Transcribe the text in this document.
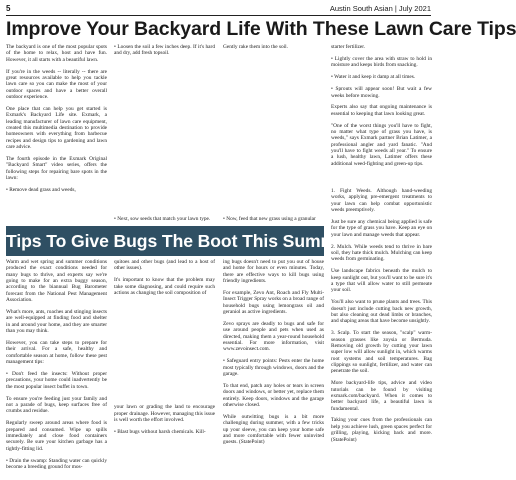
5	Austin South Asian | July 2021
Improve Your Backyard Life With These Lawn Care Tips

The backyard is one of the most popular spots of the home to relax, host and have fun. However, it all starts with a beautiful lawn.

If you're in the weeds -- literally -- there are great resources available to help you tackle lawn care so you can make the most of your outdoor spaces and have a better overall outdoor experience.

One place that can help you get started is Exmark's Backyard Life site. Exmark, a leading manufacturer of lawn care equipment, created this multimedia destination to provide homeowners with everything from barbecue recipes and design tips to gardening and lawn care advice.

The fourth episode in the Exmark Original "Backyard Smart" video series, offers the following steps for repairing bare spots in the lawn:

• Remove dead grass and weeds,

• Loosen the soil a few inches deep. If it's hard and dry, add fresh topsoil.

Gently rake them into the soil.

• Next, sow seeds that match your lawn type.	• Now, feed that new grass using a granular

starter fertilizer.

• Lightly cover the area with straw to hold in moisture and keeps birds from snacking.

• Water it and keep it damp at all times.

• Sprouts will appear soon! But wait a few weeks before mowing.

Experts also say that ongoing maintenance is essential to keeping that lawn looking great.

"One of the worst things you'll have to fight, no matter what type of grass you have, is weeds," says Exmark partner Brian Latimer, a professional angler and yard fanatic. "And you'll have to fight weeds all year." To ensure a lush, healthy lawn, Latimer offers these additional weed-fighting and green-up tips.

Tips To Give Bugs The Boot This Summer

Warm and wet spring and summer conditions produced the exact conditions needed for many bugs to thrive, and experts say we're going to make for an extra buggy season, according to the biannual Bug Barometer forecast from the National Pest Management Association.

What's more, ants, roaches and stinging insects are well-equipped at finding food and shelter in and around your home, and they are smarter than you may think.

However, you can take steps to prepare for their arrival. For a safe, healthy and comfortable season at home, follow these pest management tips:

• Don't feed the insects: Without proper precautions, your home could inadvertently be the most popular insect buffet in town.

To ensure you're feeding just your family and not a parade of bugs, keep surfaces free of crumbs and residue.

Regularly sweep around areas where food is prepared and consumed. Wipe up spills immediately and close food containers securely. Be sure your kitchen garbage has a tightly-fitting lid.

• Drain the swamp: Standing water can quickly become a breeding ground for mos-

quitoes and other bugs (and lead to a host of other issues).

It's important to know that the problem may take some diagnosing, and could require such actions as changing the soil composition of

your lawn or grading the land to encourage proper drainage. However, managing this issue is well worth the effort involved.

• Blast bugs without harsh chemicals. Kill-

ing bugs doesn't need to put you out of house and home for hours or even minutes. Today, there are effective ways to kill bugs using friendly ingredients.

For example, Zevo Ant, Roach and Fly Multi-Insect Trigger Spray works on a broad range of household bugs using lemongrass oil and geraniol as active ingredients.

Zevo sprays are deadly to bugs and safe for use around people and pets when used as directed, making them a year-round household essential. For more information, visit www.zevoinsect.com.

• Safeguard entry points: Pests enter the home most typically through windows, doors and the garage.

To that end, patch any holes or tears in screen doors and windows, or better yet, replace them entirely. Keep doors, windows and the garage otherwise closed.

While outwitting bugs is a bit more challenging during summer, with a few tricks up your sleeve, you can keep your home safe and more comfortable with fewer uninvited guests. (StatePoint)

1. Fight Weeds. Although hand-weeding works, applying pre-emergent treatments to your lawn can help combat opportunistic weeds preemptively.

Just be sure any chemical being applied is safe for the type of grass you have. Keep an eye on your lawn and manage weeds that appear.

2. Mulch. While weeds tend to thrive in bare soil, they hate thick mulch. Mulching can keep weeds from germinating.

Use landscape fabrics beneath the mulch to keep sunlight out, but you'll want to be sure it's a type that will allow water to still permeate your soil.

You'll also want to prune plants and trees. This doesn't just include cutting back new growth, but also cleaning out dead limbs or branches, and shaping areas that have become unsightly.

3. Scalp. To start the season, "scalp" warm-season grasses like zoysia or Bermuda. Removing old growth by cutting your lawn super low will allow sunlight in, which warms root systems and soil temperatures. Bag clippings so sunlight, fertilizer, and water can penetrate the soil.

More backyard-life tips, advice and video tutorials can be found by visiting exmark.com/backyard. When it comes to better backyard life, a beautiful lawn is fundamental.

Taking your cues from the professionals can help you achieve lush, green spaces perfect for grilling, playing, kicking back and more. (StatePoint)
